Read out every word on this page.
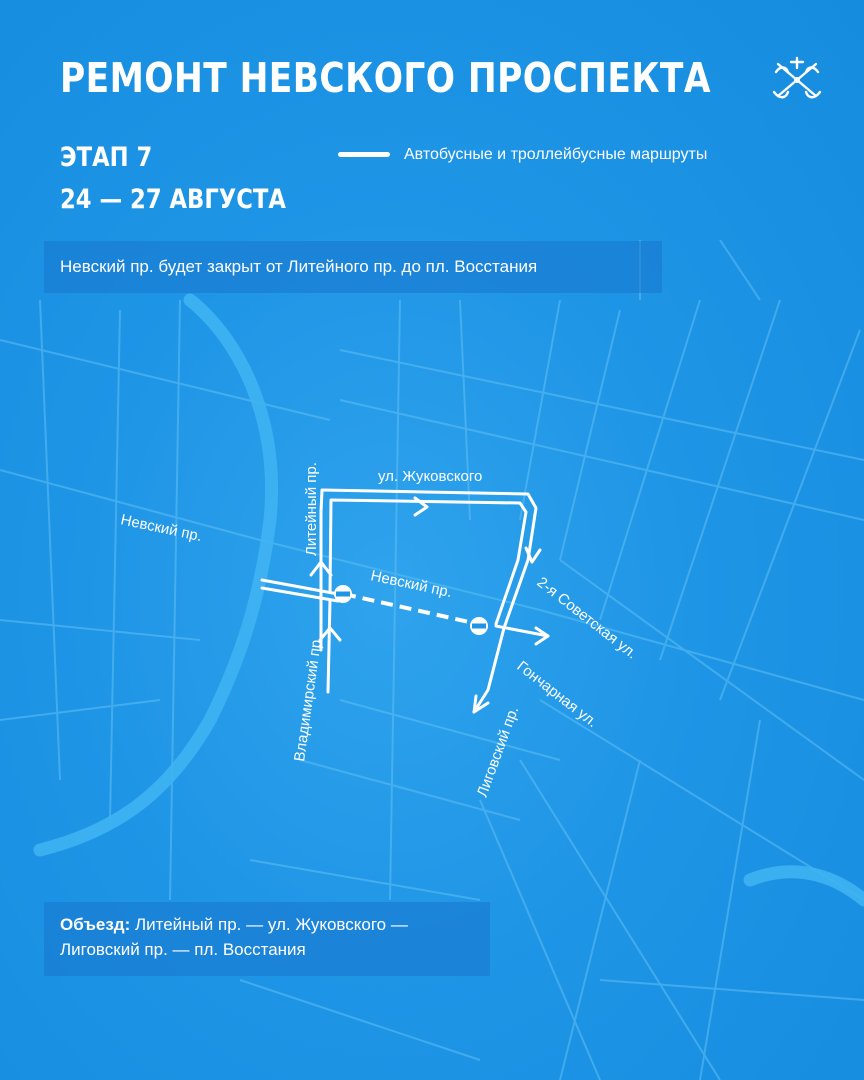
РЕМОНТ НЕВСКОГО ПРОСПЕКТА
ЭТАП 7
24 — 27 АВГУСТА
Автобусные и троллейбусные маршруты
Невский пр. будет закрыт от Литейного пр. до пл. Восстания
Невский пр.	Литейный пр.	ул. Жуковского
Невский пр.
Владимирский пр.
2-я Советская ул.
Гончарная ул.
Лиговский пр.
Объезд: Литейный пр. — ул. Жуковского — Лиговский пр. — пл. Восстания
